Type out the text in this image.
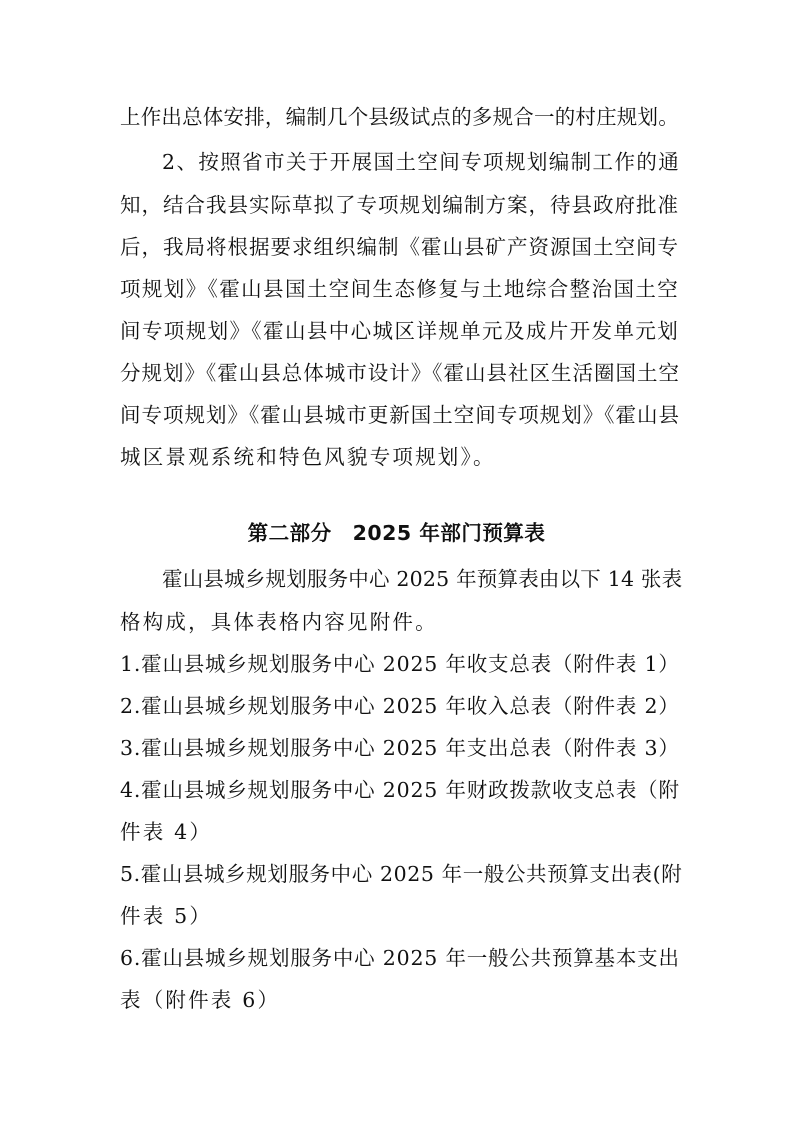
上作出总体安排，编制几个县级试点的多规合一的村庄规划。
2、按照省市关于开展国土空间专项规划编制工作的通
知，结合我县实际草拟了专项规划编制方案，待县政府批准
后，我局将根据要求组织编制《霍山县矿产资源国土空间专
项规划》《霍山县国土空间生态修复与土地综合整治国土空
间专项规划》《霍山县中心城区详规单元及成片开发单元划
分规划》《霍山县总体城市设计》《霍山县社区生活圈国土空
间专项规划》《霍山县城市更新国土空间专项规划》《霍山县
城区景观系统和特色风貌专项规划》。
第二部分　2025 年部门预算表
霍山县城乡规划服务中心 2025 年预算表由以下 14 张表
格构成，具体表格内容见附件。
1.霍山县城乡规划服务中心 2025 年收支总表（附件表 1）
2.霍山县城乡规划服务中心 2025 年收入总表（附件表 2）
3.霍山县城乡规划服务中心 2025 年支出总表（附件表 3）
4.霍山县城乡规划服务中心 2025 年财政拨款收支总表（附
件表 4）
5.霍山县城乡规划服务中心 2025 年一般公共预算支出表(附
件表 5）
6.霍山县城乡规划服务中心 2025 年一般公共预算基本支出
表（附件表 6）
